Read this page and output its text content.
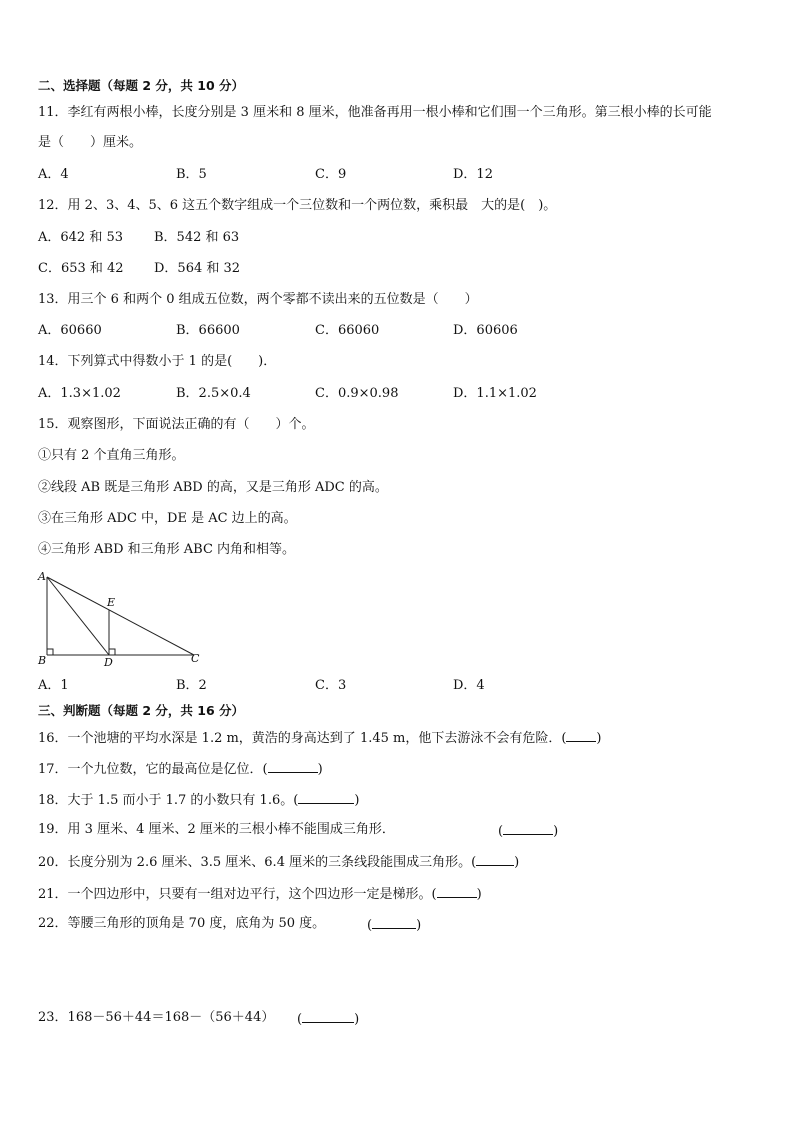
二、选择题（每题 2 分，共 10 分）
11．李红有两根小棒，长度分别是 3 厘米和 8 厘米，他准备再用一根小棒和它们围一个三角形。第三根小棒的长可能
是（　　）厘米。
A．4	B．5	C．9	D．12
12．用 2、3、4、5、6 这五个数字组成一个三位数和一个两位数，乘积最　大的是(　)。
A．642 和 53 B．542 和 63
C．653 和 42 D．564 和 32
13．用三个 6 和两个 0 组成五位数，两个零都不读出来的五位数是（　　）
A．60660	B．66600	C．66060	D．60606
14．下列算式中得数小于 1 的是(　　)．
A．1.3×1.02	B．2.5×0.4	C．0.9×0.98	D．1.1×1.02
15．观察图形，下面说法正确的有（　　）个。
①只有 2 个直角三角形。
②线段 AB 既是三角形 ABD 的高，又是三角形 ADC 的高。
③在三角形 ADC 中，DE 是 AC 边上的高。
④三角形 ABD 和三角形 ABC 内角和相等。
A
E
B	D	C
A．1	B．2	C．3	D．4
三、判断题（每题 2 分，共 16 分）
16．一个池塘的平均水深是 1.2 m，黄浩的身高达到了 1.45 m，他下去游泳不会有危险．( )
17．一个九位数，它的最高位是亿位．(	)
18．大于 1.5 而小于 1.7 的小数只有 1.6。(	)
19．用 3 厘米、4 厘米、2 厘米的三根小棒不能围成三角形．	(	)
20．长度分别为 2.6 厘米、3.5 厘米、6.4 厘米的三条线段能围成三角形。(	)
21．一个四边形中，只要有一组对边平行，这个四边形一定是梯形。(	)
22．等腰三角形的顶角是 70 度，底角为 50 度。	(	)
23．168－56＋44＝168－（56＋44） (	)
